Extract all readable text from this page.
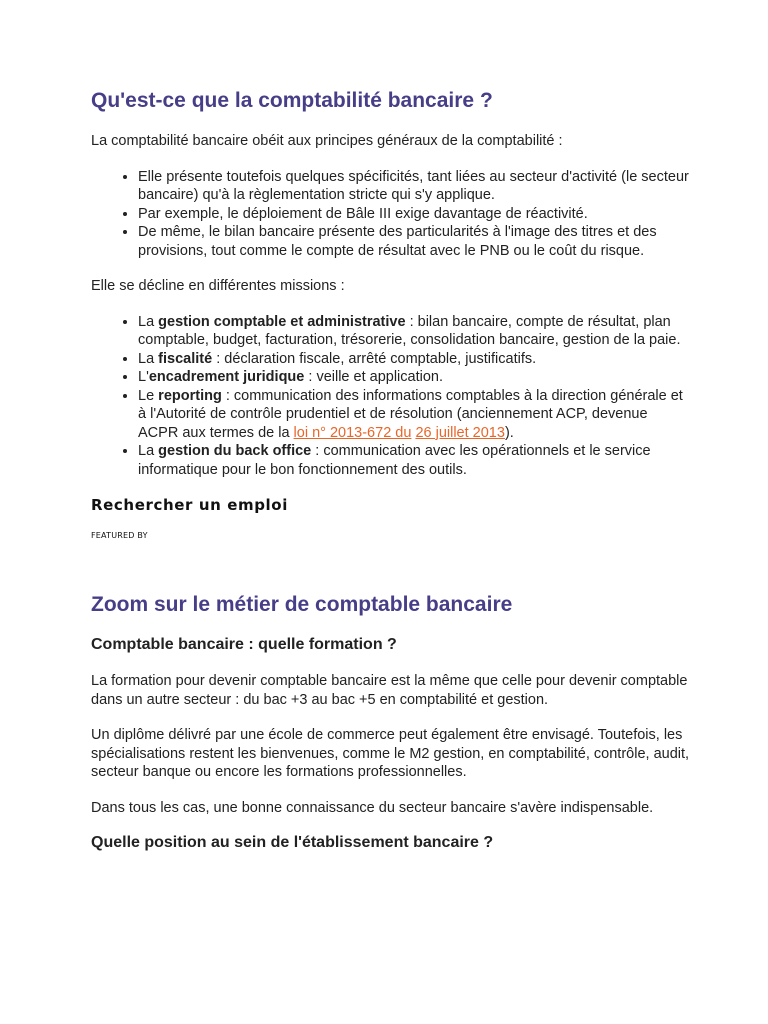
Qu'est-ce que la comptabilité bancaire ?

La comptabilité bancaire obéit aux principes généraux de la comptabilité :

• Elle présente toutefois quelques spécificités, tant liées au secteur d'activité (le secteur bancaire) qu'à la règlementation stricte qui s'y applique.
• Par exemple, le déploiement de Bâle III exige davantage de réactivité.
• De même, le bilan bancaire présente des particularités à l'image des titres et des provisions, tout comme le compte de résultat avec le PNB ou le coût du risque.

Elle se décline en différentes missions :

• La gestion comptable et administrative : bilan bancaire, compte de résultat, plan comptable, budget, facturation, trésorerie, consolidation bancaire, gestion de la paie.
• La fiscalité : déclaration fiscale, arrêté comptable, justificatifs.
• L'encadrement juridique : veille et application.
• Le reporting : communication des informations comptables à la direction générale et à l'Autorité de contrôle prudentiel et de résolution (anciennement ACP, devenue ACPR aux termes de la loi n° 2013-672 du 26 juillet 2013).
• La gestion du back office : communication avec les opérationnels et le service informatique pour le bon fonctionnement des outils.
Rechercher un emploi
FEATURED BY
Zoom sur le métier de comptable bancaire
Comptable bancaire : quelle formation ?

La formation pour devenir comptable bancaire est la même que celle pour devenir comptable dans un autre secteur : du bac +3 au bac +5 en comptabilité et gestion.

Un diplôme délivré par une école de commerce peut également être envisagé. Toutefois, les spécialisations restent les bienvenues, comme le M2 gestion, en comptabilité, contrôle, audit, secteur banque ou encore les formations professionnelles.

Dans tous les cas, une bonne connaissance du secteur bancaire s'avère indispensable.

Quelle position au sein de l'établissement bancaire ?
